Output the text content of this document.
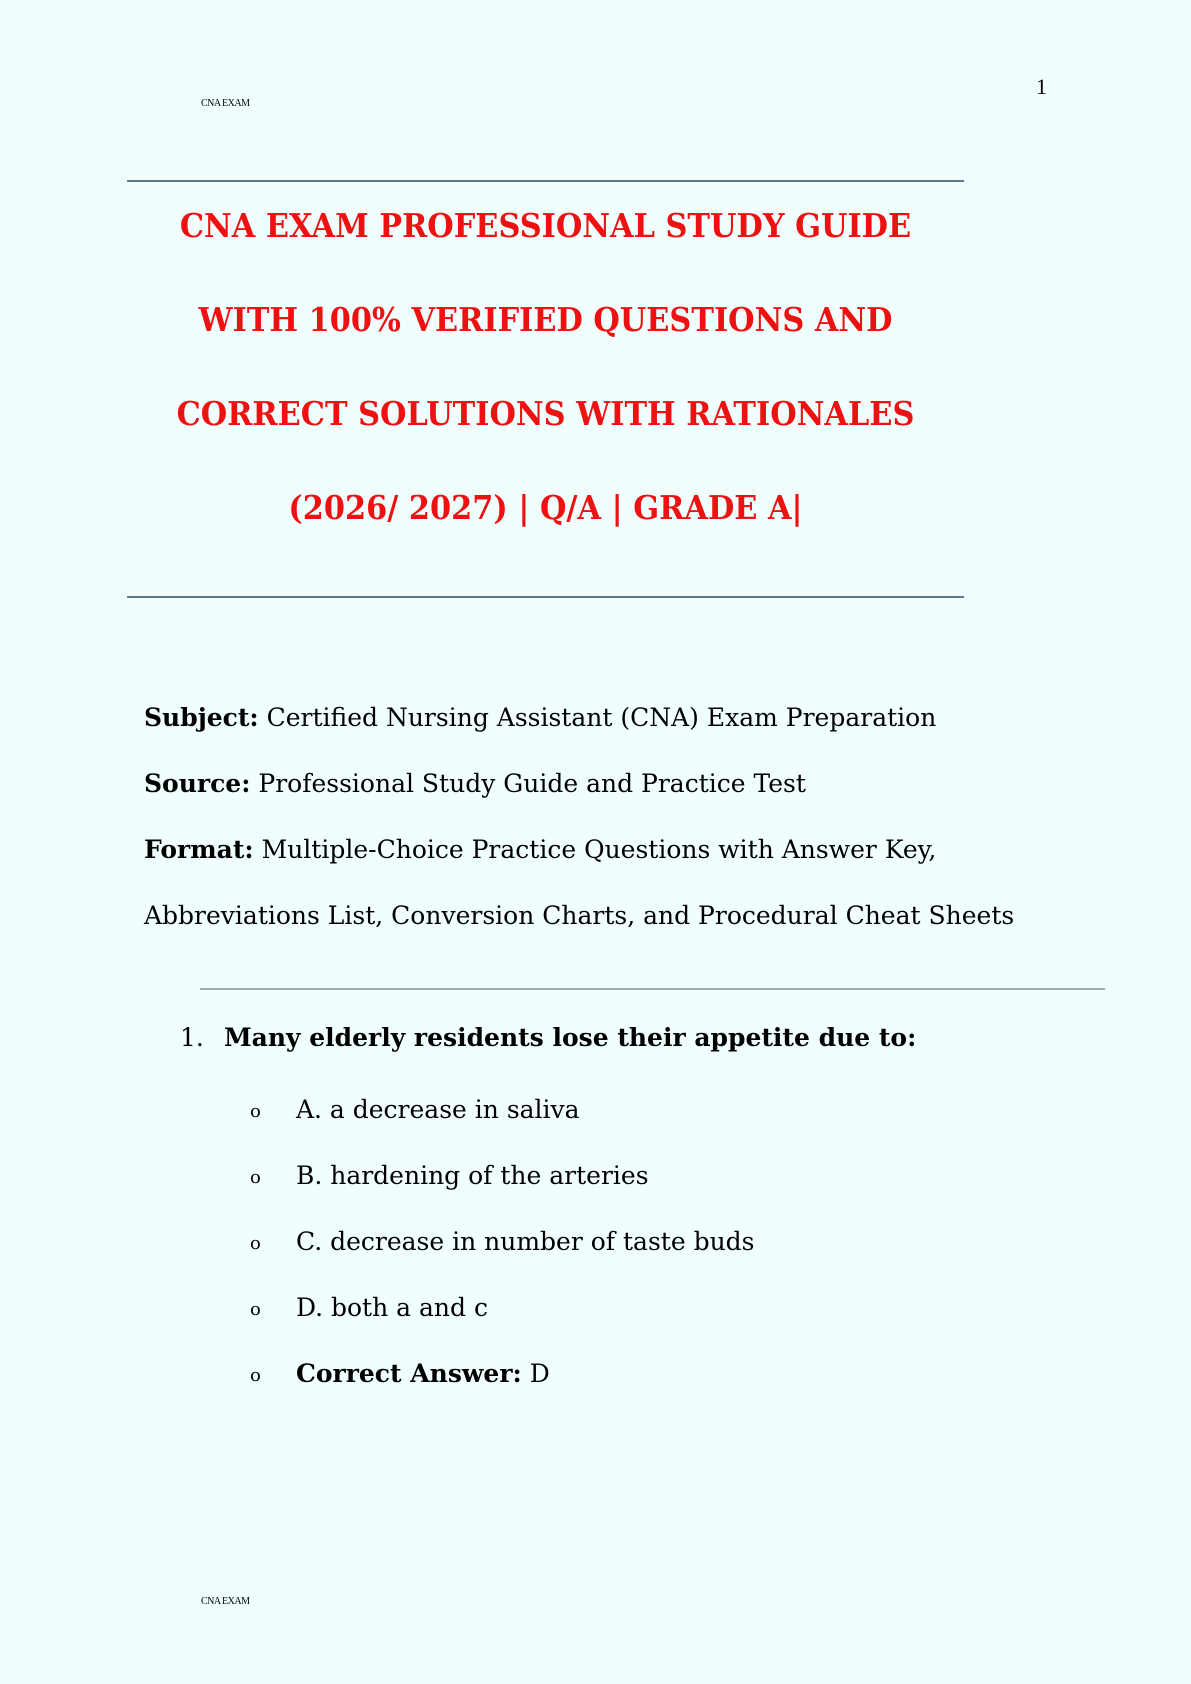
CNA EXAM
1
CNA EXAM PROFESSIONAL STUDY GUIDE
WITH 100% VERIFIED QUESTIONS AND
CORRECT SOLUTIONS WITH RATIONALES
(2026/ 2027) | Q/A | GRADE A|
Subject: Certified Nursing Assistant (CNA) Exam Preparation
Source: Professional Study Guide and Practice Test
Format: Multiple-Choice Practice Questions with Answer Key,
Abbreviations List, Conversion Charts, and Procedural Cheat Sheets
1. Many elderly residents lose their appetite due to:
o A. a decrease in saliva
o B. hardening of the arteries
o C. decrease in number of taste buds
o D. both a and c
o Correct Answer: D
CNA EXAM
